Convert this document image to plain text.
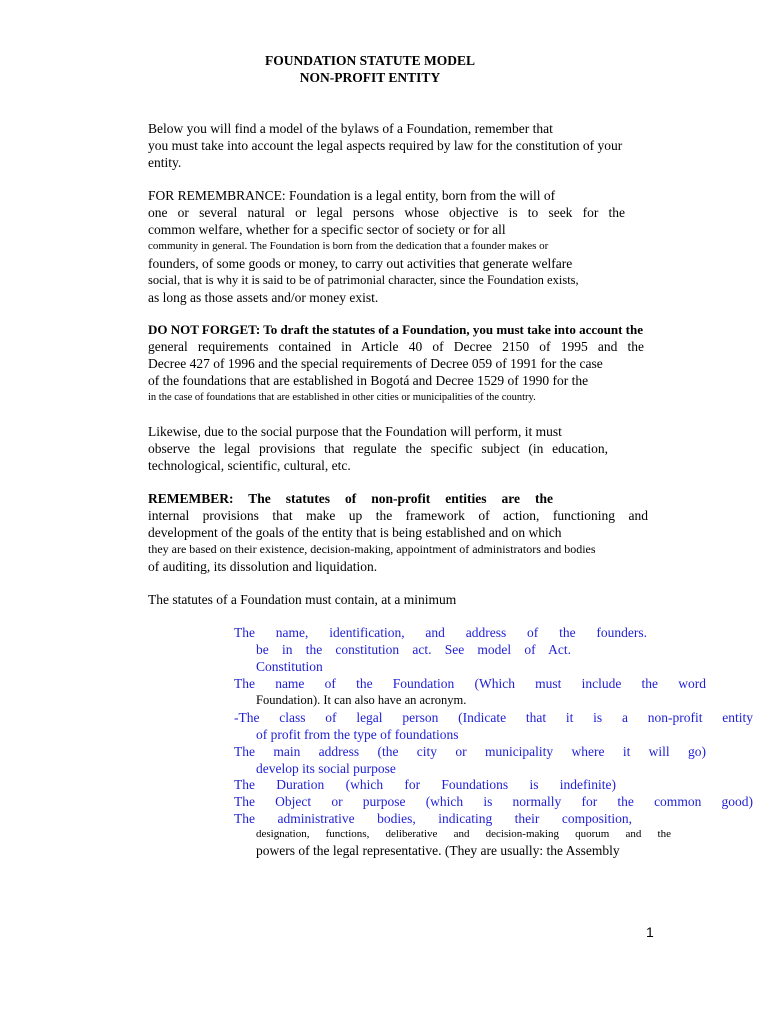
FOUNDATION STATUTE MODEL
NON-PROFIT ENTITY
Below you will find a model of the bylaws of a Foundation, remember that
you must take into account the legal aspects required by law for the constitution of your
entity.
FOR REMEMBRANCE: Foundation is a legal entity, born from the will of
one or several natural or legal persons whose objective is to seek for the
common welfare, whether for a specific sector of society or for all
community in general. The Foundation is born from the dedication that a founder makes or
founders, of some goods or money, to carry out activities that generate welfare
social, that is why it is said to be of patrimonial character, since the Foundation exists,
as long as those assets and/or money exist.
DO NOT FORGET: To draft the statutes of a Foundation, you must take into account the
general requirements contained in Article 40 of Decree 2150 of 1995 and the
Decree 427 of 1996 and the special requirements of Decree 059 of 1991 for the case
of the foundations that are established in Bogotá and Decree 1529 of 1990 for the
in the case of foundations that are established in other cities or municipalities of the country.
Likewise, due to the social purpose that the Foundation will perform, it must
observe the legal provisions that regulate the specific subject (in education,
technological, scientific, cultural, etc.
REMEMBER: The statutes of non-profit entities are the
internal provisions that make up the framework of action, functioning and
development of the goals of the entity that is being established and on which
they are based on their existence, decision-making, appointment of administrators and bodies
of auditing, its dissolution and liquidation.
The statutes of a Foundation must contain, at a minimum
The name, identification, and address of the founders.
be in the constitution act. See model of Act.
Constitution
The name of the Foundation (Which must include the word
Foundation). It can also have an acronym.
-The class of legal person (Indicate that it is a non-profit entity
of profit from the type of foundations
The main address (the city or municipality where it will go)
develop its social purpose
The Duration (which for Foundations is indefinite)
The Object or purpose (which is normally for the common good)
The administrative bodies, indicating their composition,
designation, functions, deliberative and decision-making quorum and the
powers of the legal representative. (They are usually: the Assembly
1
